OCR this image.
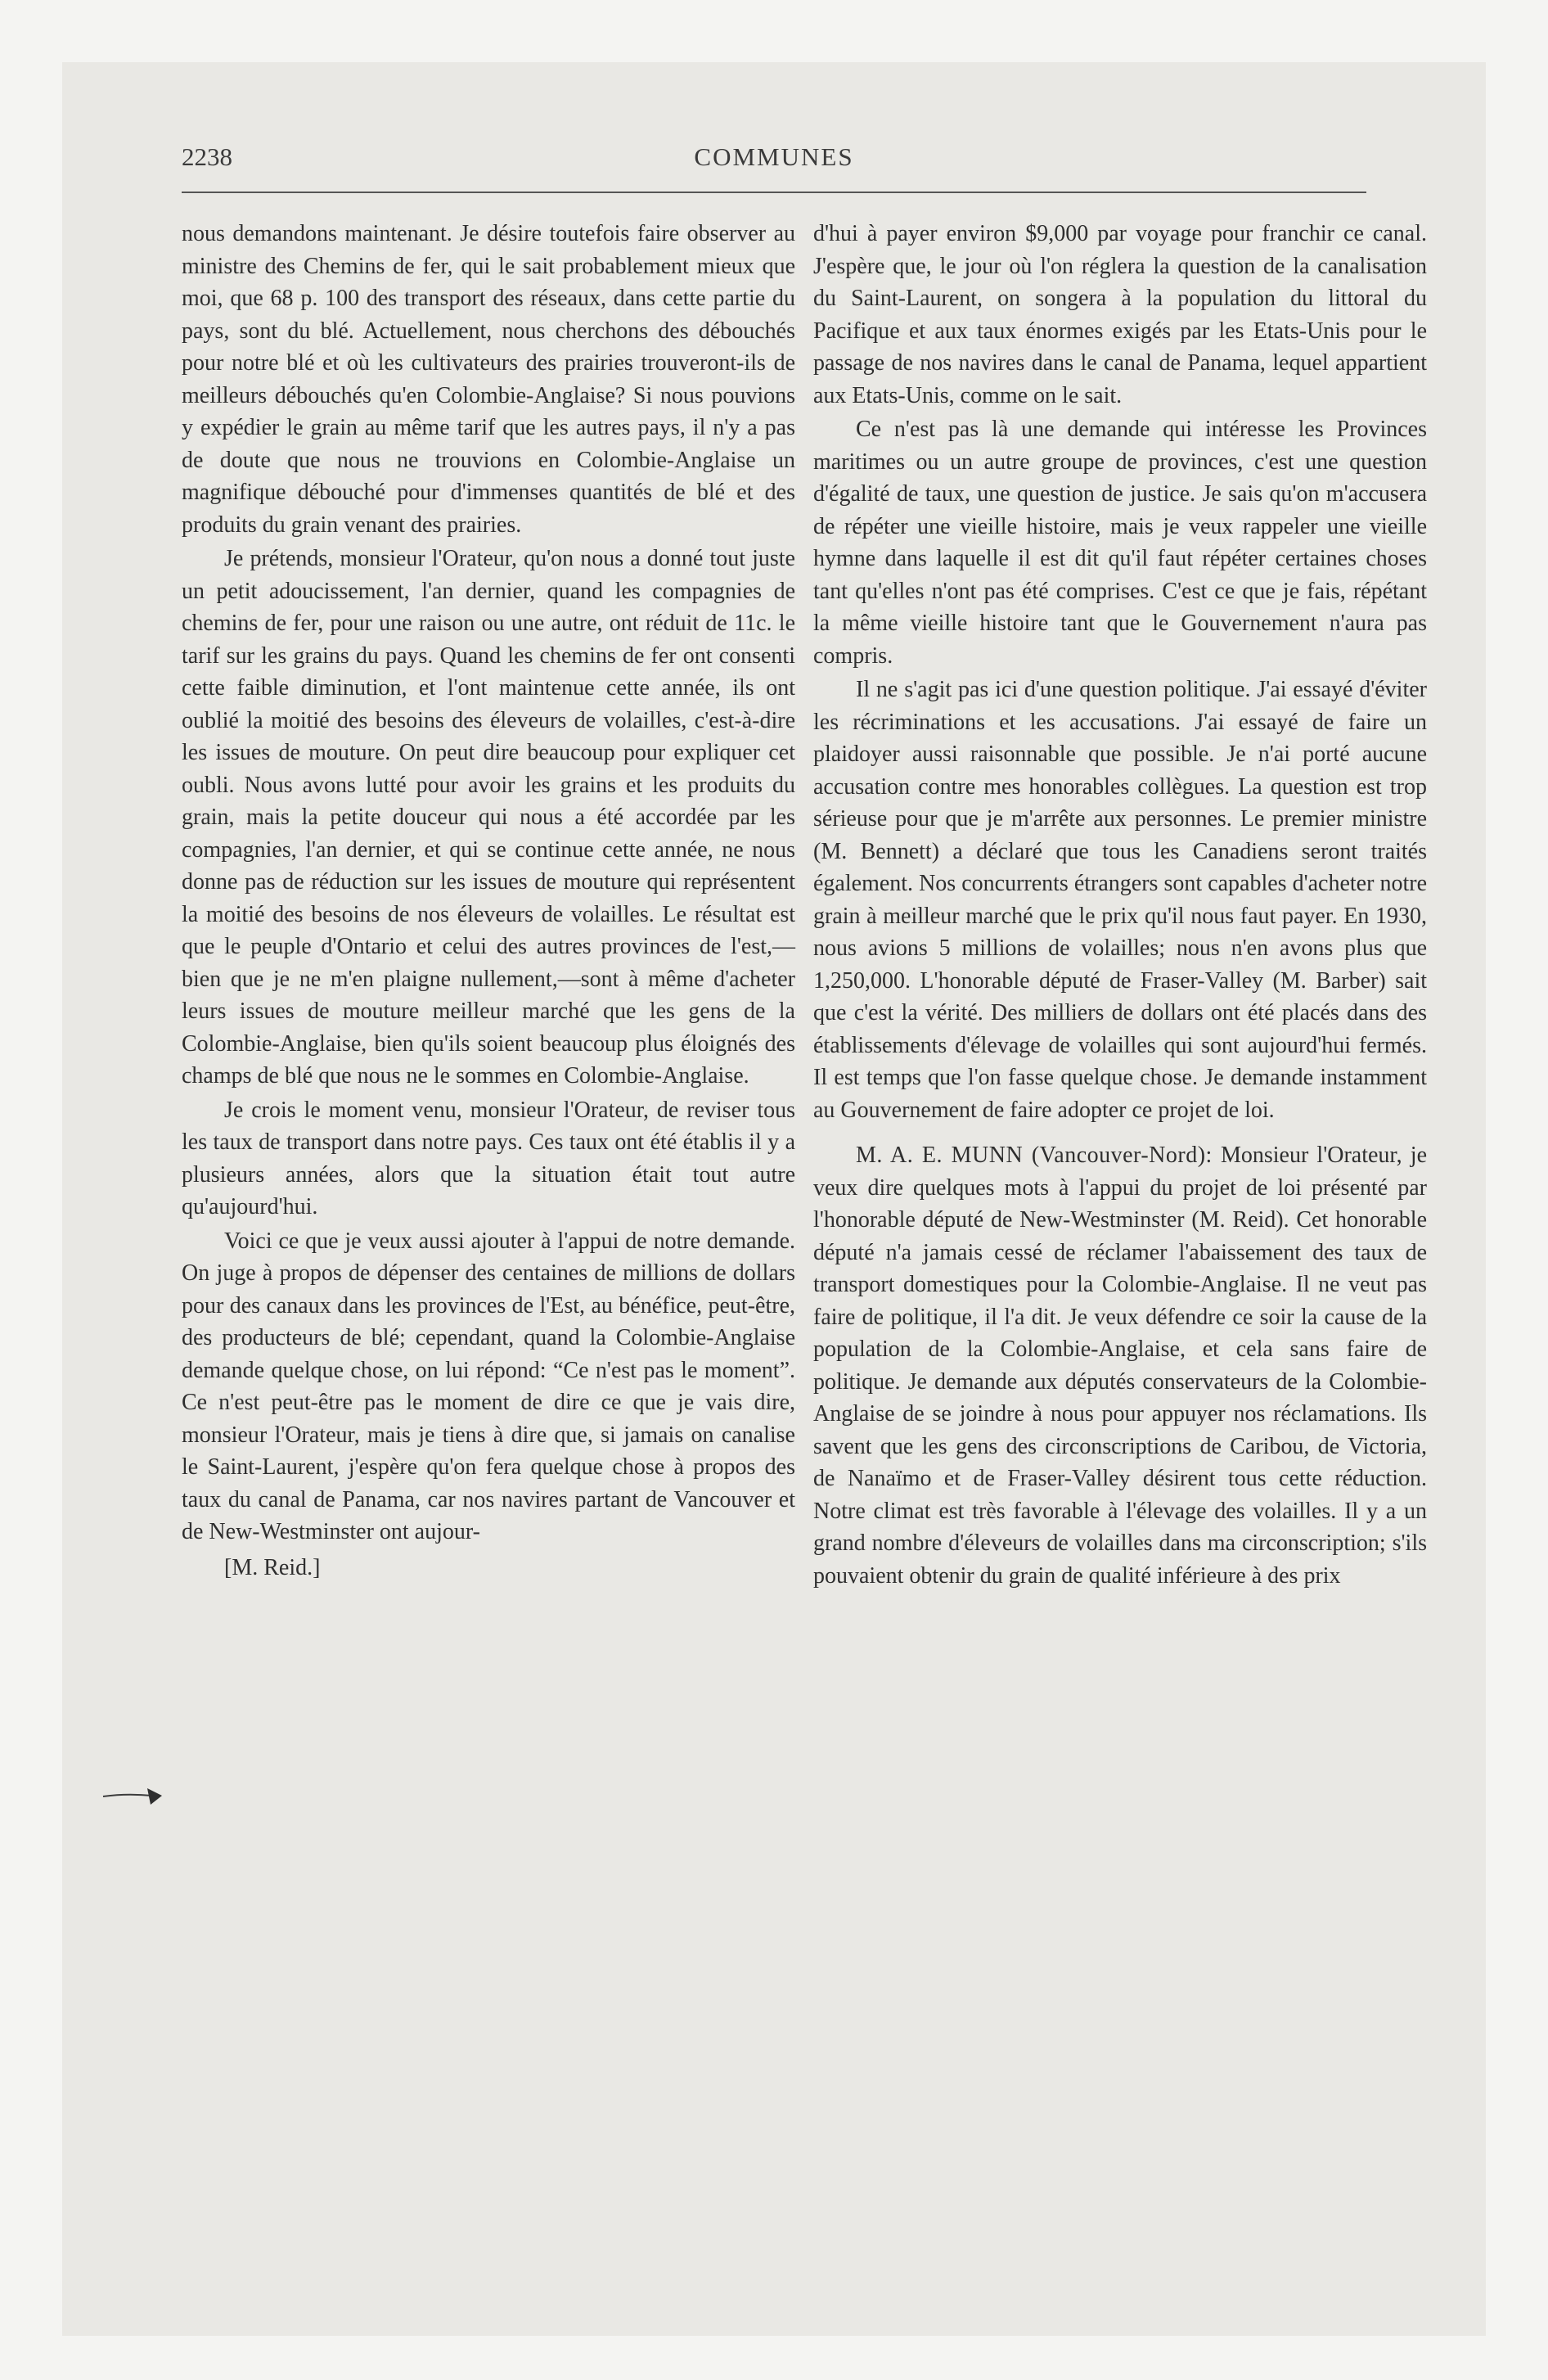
2238	COMMUNES

nous demandons maintenant. Je désire toutefois faire observer au ministre des Chemins de fer, qui le sait probablement mieux que moi, que 68 p. 100 des transport des réseaux, dans cette partie du pays, sont du blé. Actuellement, nous cherchons des débouchés pour notre blé et où les cultivateurs des prairies trouveront-ils de meilleurs débouchés qu'en Colombie-Anglaise? Si nous pouvions y expédier le grain au même tarif que les autres pays, il n'y a pas de doute que nous ne trouvions en Colombie-Anglaise un magnifique débouché pour d'immenses quantités de blé et des produits du grain venant des prairies.

Je prétends, monsieur l'Orateur, qu'on nous a donné tout juste un petit adoucissement, l'an dernier, quand les compagnies de chemins de fer, pour une raison ou une autre, ont réduit de 11c. le tarif sur les grains du pays. Quand les chemins de fer ont consenti cette faible diminution, et l'ont maintenue cette année, ils ont oublié la moitié des besoins des éleveurs de volailles, c'est-à-dire les issues de mouture. On peut dire beaucoup pour expliquer cet oubli. Nous avons lutté pour avoir les grains et les produits du grain, mais la petite douceur qui nous a été accordée par les compagnies, l'an dernier, et qui se continue cette année, ne nous donne pas de réduction sur les issues de mouture qui représentent la moitié des besoins de nos éleveurs de volailles. Le résultat est que le peuple d'Ontario et celui des autres provinces de l'est,—bien que je ne m'en plaigne nullement,—sont à même d'acheter leurs issues de mouture meilleur marché que les gens de la Colombie-Anglaise, bien qu'ils soient beaucoup plus éloignés des champs de blé que nous ne le sommes en Colombie-Anglaise.

Je crois le moment venu, monsieur l'Orateur, de reviser tous les taux de transport dans notre pays. Ces taux ont été établis il y a plusieurs années, alors que la situation était tout autre qu'aujourd'hui.

Voici ce que je veux aussi ajouter à l'appui de notre demande. On juge à propos de dépenser des centaines de millions de dollars pour des canaux dans les provinces de l'Est, au bénéfice, peut-être, des producteurs de blé; cependant, quand la Colombie-Anglaise demande quelque chose, on lui répond: “Ce n'est pas le moment”. Ce n'est peut-être pas le moment de dire ce que je vais dire, monsieur l'Orateur, mais je tiens à dire que, si jamais on canalise le Saint-Laurent, j'espère qu'on fera quelque chose à propos des taux du canal de Panama, car nos navires partant de Vancouver et de New-Westminster ont aujour-

[M. Reid.]

d'hui à payer environ $9,000 par voyage pour franchir ce canal. J'espère que, le jour où l'on réglera la question de la canalisation du Saint-Laurent, on songera à la population du littoral du Pacifique et aux taux énormes exigés par les Etats-Unis pour le passage de nos navires dans le canal de Panama, lequel appartient aux Etats-Unis, comme on le sait.

Ce n'est pas là une demande qui intéresse les Provinces maritimes ou un autre groupe de provinces, c'est une question d'égalité de taux, une question de justice. Je sais qu'on m'accusera de répéter une vieille histoire, mais je veux rappeler une vieille hymne dans laquelle il est dit qu'il faut répéter certaines choses tant qu'elles n'ont pas été comprises. C'est ce que je fais, répétant la même vieille histoire tant que le Gouvernement n'aura pas compris.

Il ne s'agit pas ici d'une question politique. J'ai essayé d'éviter les récriminations et les accusations. J'ai essayé de faire un plaidoyer aussi raisonnable que possible. Je n'ai porté aucune accusation contre mes honorables collègues. La question est trop sérieuse pour que je m'arrête aux personnes. Le premier ministre (M. Bennett) a déclaré que tous les Canadiens seront traités également. Nos concurrents étrangers sont capables d'acheter notre grain à meilleur marché que le prix qu'il nous faut payer. En 1930, nous avions 5 millions de volailles; nous n'en avons plus que 1,250,000. L'honorable député de Fraser-Valley (M. Barber) sait que c'est la vérité. Des milliers de dollars ont été placés dans des établissements d'élevage de volailles qui sont aujourd'hui fermés. Il est temps que l'on fasse quelque chose. Je demande instamment au Gouvernement de faire adopter ce projet de loi.

M. A. E. MUNN (Vancouver-Nord): Monsieur l'Orateur, je veux dire quelques mots à l'appui du projet de loi présenté par l'honorable député de New-Westminster (M. Reid). Cet honorable député n'a jamais cessé de réclamer l'abaissement des taux de transport domestiques pour la Colombie-Anglaise. Il ne veut pas faire de politique, il l'a dit. Je veux défendre ce soir la cause de la population de la Colombie-Anglaise, et cela sans faire de politique. Je demande aux députés conservateurs de la Colombie-Anglaise de se joindre à nous pour appuyer nos réclamations. Ils savent que les gens des circonscriptions de Caribou, de Victoria, de Nanaïmo et de Fraser-Valley désirent tous cette réduction. Notre climat est très favorable à l'élevage des volailles. Il y a un grand nombre d'éleveurs de volailles dans ma circonscription; s'ils pouvaient obtenir du grain de qualité inférieure à des prix
